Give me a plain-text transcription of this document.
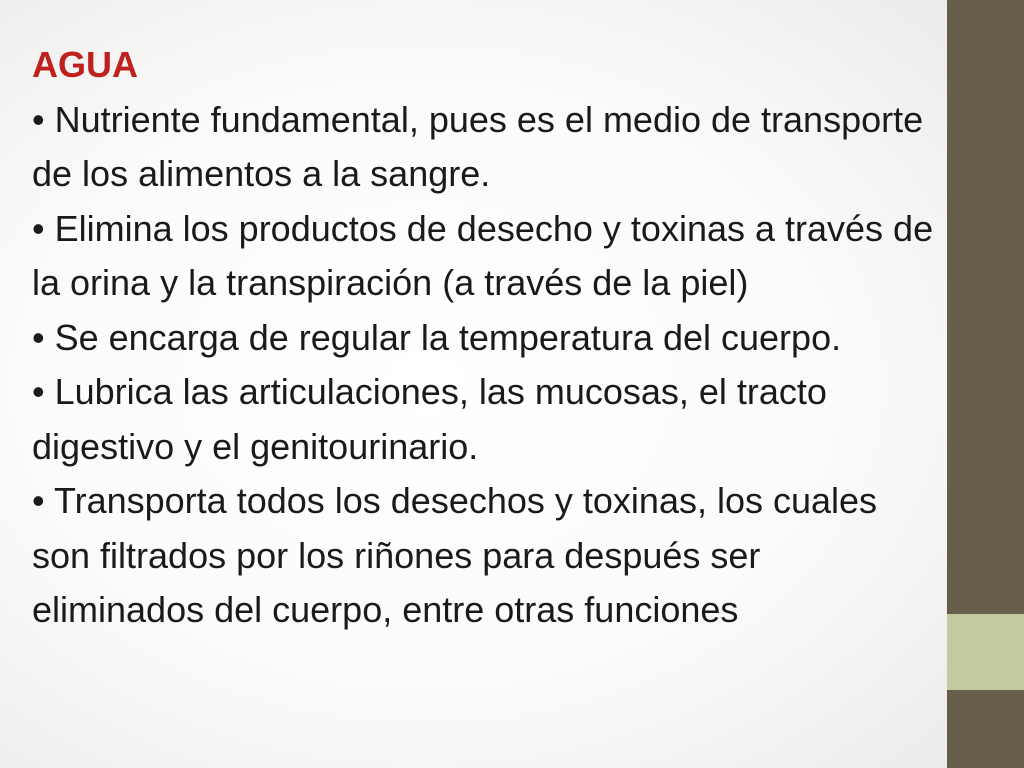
AGUA
• Nutriente fundamental, pues es el medio de transporte de los alimentos a la sangre.
• Elimina los productos de desecho y toxinas a través de la orina y la transpiración (a través de la piel)
• Se encarga de regular la temperatura del cuerpo.
• Lubrica las articulaciones, las mucosas, el tracto digestivo y el genitourinario.
• Transporta todos los desechos y toxinas, los cuales son filtrados por los riñones para después ser eliminados del cuerpo, entre otras funciones
